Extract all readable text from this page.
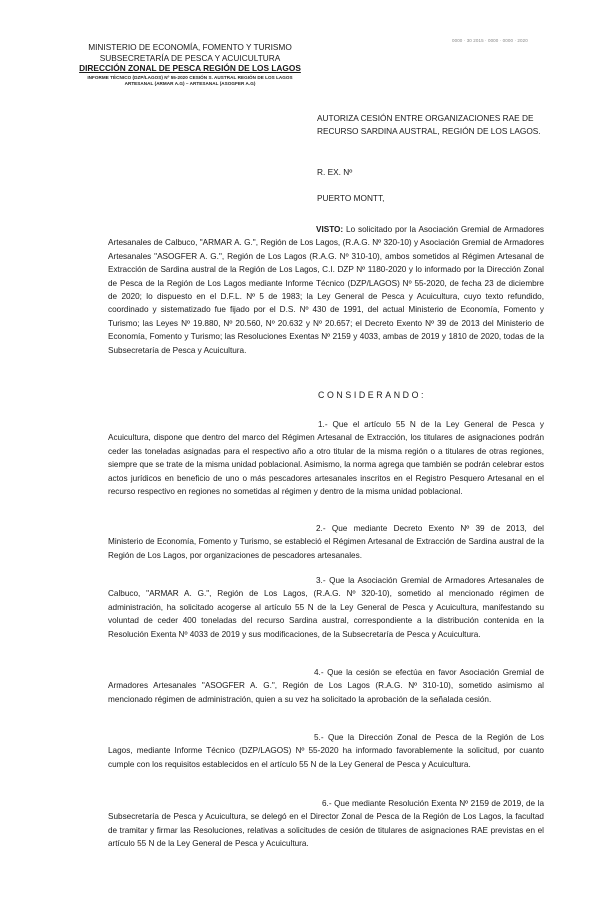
0000 · 30 2015 · 0000 · 0000 · 2020
MINISTERIO DE ECONOMÍA, FOMENTO Y TURISMO
SUBSECRETARÍA DE PESCA Y ACUICULTURA
DIRECCIÓN ZONAL DE PESCA REGIÓN DE LOS LAGOS
INFORME TÉCNICO (DZP/LAGOS) Nº 55-2020 CESIÓN S. AUSTRAL REGIÓN DE LOS LAGOS
ARTESANAL (ARMAR A.G) – ARTESANAL (ASOGFER A.G)
AUTORIZA CESIÓN ENTRE ORGANIZACIONES RAE DE RECURSO SARDINA AUSTRAL, REGIÓN DE LOS LAGOS.
R. EX. Nº
PUERTO MONTT,
VISTO: Lo solicitado por la Asociación Gremial de Armadores Artesanales de Calbuco, "ARMAR A. G.", Región de Los Lagos, (R.A.G. Nº 320-10) y Asociación Gremial de Armadores Artesanales "ASOGFER A. G.", Región de Los Lagos (R.A.G. Nº 310-10), ambos sometidos al Régimen Artesanal de Extracción de Sardina austral de la Región de Los Lagos, C.I. DZP Nº 1180-2020 y lo informado por la Dirección Zonal de Pesca de la Región de Los Lagos mediante Informe Técnico (DZP/LAGOS) Nº 55-2020, de fecha 23 de diciembre de 2020; lo dispuesto en el D.F.L. Nº 5 de 1983; la Ley General de Pesca y Acuicultura, cuyo texto refundido, coordinado y sistematizado fue fijado por el D.S. Nº 430 de 1991, del actual Ministerio de Economía, Fomento y Turismo; las Leyes Nº 19.880, Nº 20.560, Nº 20.632 y Nº 20.657; el Decreto Exento Nº 39 de 2013 del Ministerio de Economía, Fomento y Turismo; las Resoluciones Exentas Nº 2159 y 4033, ambas de 2019 y 1810 de 2020, todas de la Subsecretaría de Pesca y Acuicultura.
CONSIDERANDO:
1.- Que el artículo 55 N de la Ley General de Pesca y Acuicultura, dispone que dentro del marco del Régimen Artesanal de Extracción, los titulares de asignaciones podrán ceder las toneladas asignadas para el respectivo año a otro titular de la misma región o a titulares de otras regiones, siempre que se trate de la misma unidad poblacional. Asimismo, la norma agrega que también se podrán celebrar estos actos jurídicos en beneficio de uno o más pescadores artesanales inscritos en el Registro Pesquero Artesanal en el recurso respectivo en regiones no sometidas al régimen y dentro de la misma unidad poblacional.
2.- Que mediante Decreto Exento Nº 39 de 2013, del Ministerio de Economía, Fomento y Turismo, se estableció el Régimen Artesanal de Extracción de Sardina austral de la Región de Los Lagos, por organizaciones de pescadores artesanales.
3.- Que la Asociación Gremial de Armadores Artesanales de Calbuco, "ARMAR A. G.", Región de Los Lagos, (R.A.G. Nº 320-10), sometido al mencionado régimen de administración, ha solicitado acogerse al artículo 55 N de la Ley General de Pesca y Acuicultura, manifestando su voluntad de ceder 400 toneladas del recurso Sardina austral, correspondiente a la distribución contenida en la Resolución Exenta Nº 4033 de 2019 y sus modificaciones, de la Subsecretaría de Pesca y Acuicultura.
4.- Que la cesión se efectúa en favor Asociación Gremial de Armadores Artesanales "ASOGFER A. G.", Región de Los Lagos (R.A.G. Nº 310-10), sometido asimismo al mencionado régimen de administración, quien a su vez ha solicitado la aprobación de la señalada cesión.
5.- Que la Dirección Zonal de Pesca de la Región de Los Lagos, mediante Informe Técnico (DZP/LAGOS) Nº 55-2020 ha informado favorablemente la solicitud, por cuanto cumple con los requisitos establecidos en el artículo 55 N de la Ley General de Pesca y Acuicultura.
6.- Que mediante Resolución Exenta Nº 2159 de 2019, de la Subsecretaría de Pesca y Acuicultura, se delegó en el Director Zonal de Pesca de la Región de Los Lagos, la facultad de tramitar y firmar las Resoluciones, relativas a solicitudes de cesión de titulares de asignaciones RAE previstas en el artículo 55 N de la Ley General de Pesca y Acuicultura.
